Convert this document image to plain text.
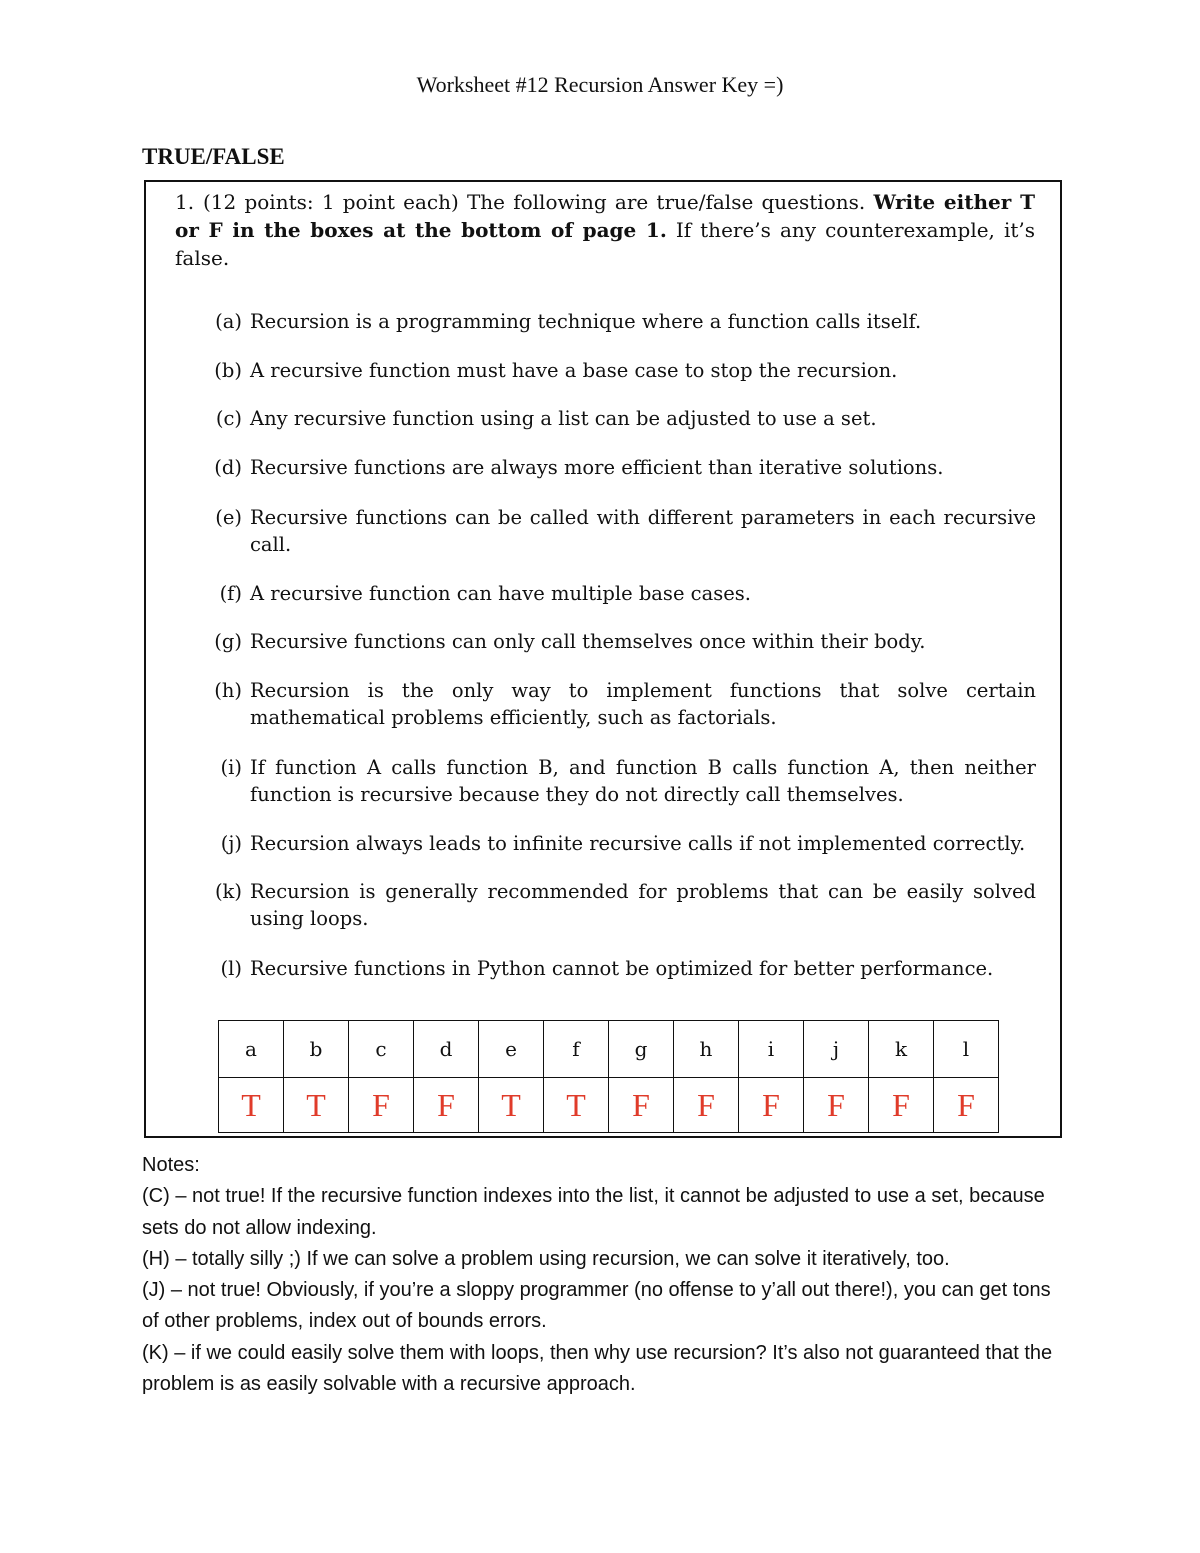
Worksheet #12 Recursion Answer Key =)
TRUE/FALSE
1. (12 points: 1 point each) The following are true/false questions. Write either T or F in the boxes at the bottom of page 1. If there’s any counterexample, it’s false.
(a) Recursion is a programming technique where a function calls itself.
(b) A recursive function must have a base case to stop the recursion.
(c) Any recursive function using a list can be adjusted to use a set.
(d) Recursive functions are always more efficient than iterative solutions.
(e) Recursive functions can be called with different parameters in each recursive call.
(f) A recursive function can have multiple base cases.
(g) Recursive functions can only call themselves once within their body.
(h) Recursion is the only way to implement functions that solve certain mathematical problems efficiently, such as factorials.
(i) If function A calls function B, and function B calls function A, then neither function is recursive because they do not directly call themselves.
(j) Recursion always leads to infinite recursive calls if not implemented correctly.
(k) Recursion is generally recommended for problems that can be easily solved using loops.
(l) Recursive functions in Python cannot be optimized for better performance.
a	b	c	d	e	f	g	h	i	j	k	l
T	T	F	F	T	T	F	F	F	F	F	F

Notes:

(C) – not true! If the recursive function indexes into the list, it cannot be adjusted to use a set, because sets do not allow indexing.

(H) – totally silly ;) If we can solve a problem using recursion, we can solve it iteratively, too.

(J) – not true! Obviously, if you’re a sloppy programmer (no offense to y’all out there!), you can get tons of other problems, index out of bounds errors.

(K) – if we could easily solve them with loops, then why use recursion? It’s also not guaranteed that the problem is as easily solvable with a recursive approach.
